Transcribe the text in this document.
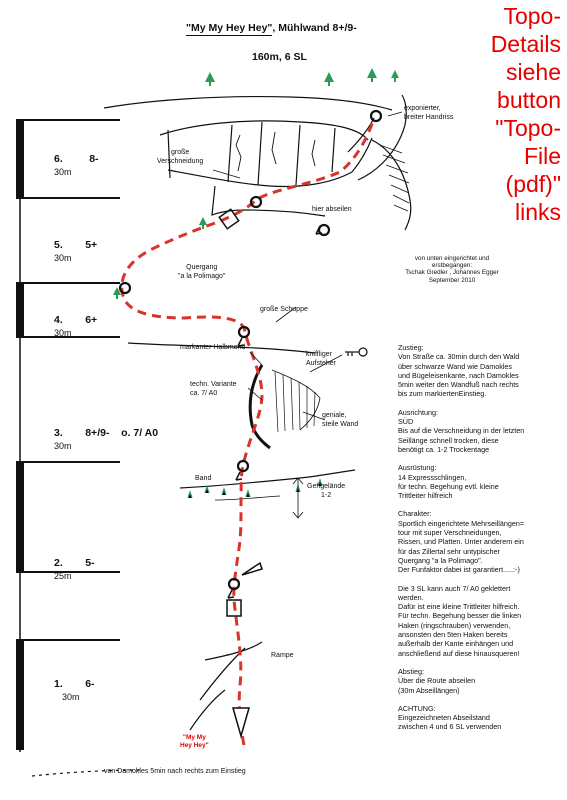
"My My Hey Hey", Mühlwand 8+/9-
160m, 6 SL
Topo-
Details
siehe
button
"Topo-
File
(pdf)"
links
6.	8-
30m
5. 5+
30m
4. 6+
30m
3. 8+/9-    o. 7/ A0
30m
2. 5-
25m
1. 6-
30m
exponierter,
breiter Handriss
große
Verschneidung
hier abseilen
Quergang
"a la Polimago"
große Schuppe
markanter Halbmond
kniffliger
Aufsteher
techn. Variante
ca. 7/ A0
geniale,
steile Wand
Band
Gehgelände
1-2
Rampe
"My My
Hey Hey"
von Damokles 5min nach rechts zum Einstieg
von unten eingerichtet und
erstbegangen:
Tschak Gredler , Johannes Egger
September 2010

Zustieg:

Von Straße ca. 30min durch den Wald

über schwarze Wand wie Damokles

und Bügeleisenkante, nach Damokles

5min weiter den Wandfuß nach rechts

bis zum markiertenEinstieg.

Ausrichtung:

SÜD

Bis auf die Verschneidung in der letzten

Seillänge schnell trocken, diese

benötigt ca. 1-2 Trockentage

Ausrüstung:

14 Expressschlingen,

für techn. Begehung evtl. kleine

Trittleiter hilfreich

Charakter:

Sportlich eingerichtete Mehrseillängen=

tour mit super Verschneidungen,

Rissen, und Platten. Unter anderem ein

für das Zillertal sehr untypischer

Quergang "a la Polimago".

Der Funfaktor dabei ist garantiert.....:-)

Die 3 SL kann auch 7/ A0 geklettert

werden.

Dafür ist eine kleine Trittleiter hilfreich.

Für techn. Begehung besser die linken

Haken (ringschrauben) verwenden,

ansonsten den 5ten Haken bereits

außerhalb der Kante einhängen und

anschließend auf diese hinausqueren!

Abstieg:

Über die Route abseilen

(30m Abseillängen)

ACHTUNG:

Eingezeichneten Abseilstand

zwischen 4 und 6 SL verwenden
